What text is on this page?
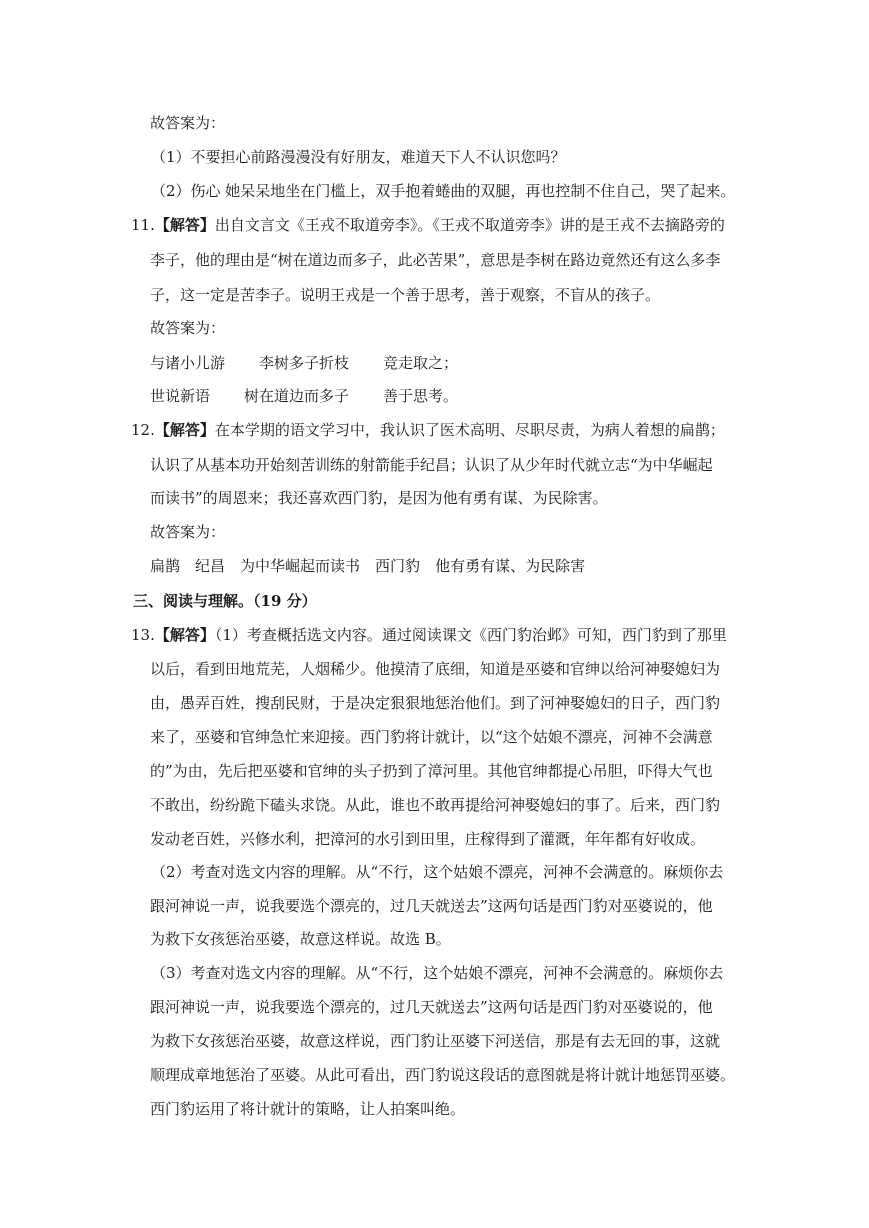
故答案为：
（1）不要担心前路漫漫没有好朋友，难道天下人不认识您吗？
（2）伤心 她呆呆地坐在门槛上，双手抱着蜷曲的双腿，再也控制不住自己，哭了起来。
11.【解答】出自文言文《王戎不取道旁李》。《王戎不取道旁李》讲的是王戎不去摘路旁的
李子，他的理由是“树在道边而多子，此必苦果”，意思是李树在路边竟然还有这么多李
子，这一定是苦李子。说明王戎是一个善于思考，善于观察，不盲从的孩子。
故答案为：
与诸小儿游 李树多子折枝 竞走取之；
世说新语 树在道边而多子 善于思考。
12.【解答】在本学期的语文学习中，我认识了医术高明、尽职尽责，为病人着想的扁鹊；
认识了从基本功开始刻苦训练的射箭能手纪昌；认识了从少年时代就立志“为中华崛起
而读书”的周恩来；我还喜欢西门豹，是因为他有勇有谋、为民除害。
故答案为：
扁鹊 纪昌 为中华崛起而读书 西门豹 他有勇有谋、为民除害
三、阅读与理解。（19 分）
13.【解答】（1）考查概括选文内容。通过阅读课文《西门豹治邺》可知，西门豹到了那里
以后，看到田地荒芜，人烟稀少。他摸清了底细，知道是巫婆和官绅以给河神娶媳妇为
由，愚弄百姓，搜刮民财，于是决定狠狠地惩治他们。到了河神娶媳妇的日子，西门豹
来了，巫婆和官绅急忙来迎接。西门豹将计就计，以“这个姑娘不漂亮，河神不会满意
的”为由，先后把巫婆和官绅的头子扔到了漳河里。其他官绅都提心吊胆，吓得大气也
不敢出，纷纷跪下磕头求饶。从此，谁也不敢再提给河神娶媳妇的事了。后来，西门豹
发动老百姓，兴修水利，把漳河的水引到田里，庄稼得到了灌溉，年年都有好收成。
（2）考查对选文内容的理解。从“不行，这个姑娘不漂亮，河神不会满意的。麻烦你去
跟河神说一声，说我要选个漂亮的，过几天就送去”这两句话是西门豹对巫婆说的，他
为救下女孩惩治巫婆，故意这样说。故选 B。
（3）考查对选文内容的理解。从“不行，这个姑娘不漂亮，河神不会满意的。麻烦你去
跟河神说一声，说我要选个漂亮的，过几天就送去”这两句话是西门豹对巫婆说的，他
为救下女孩惩治巫婆，故意这样说，西门豹让巫婆下河送信，那是有去无回的事，这就
顺理成章地惩治了巫婆。从此可看出，西门豹说这段话的意图就是将计就计地惩罚巫婆。
西门豹运用了将计就计的策略，让人拍案叫绝。
